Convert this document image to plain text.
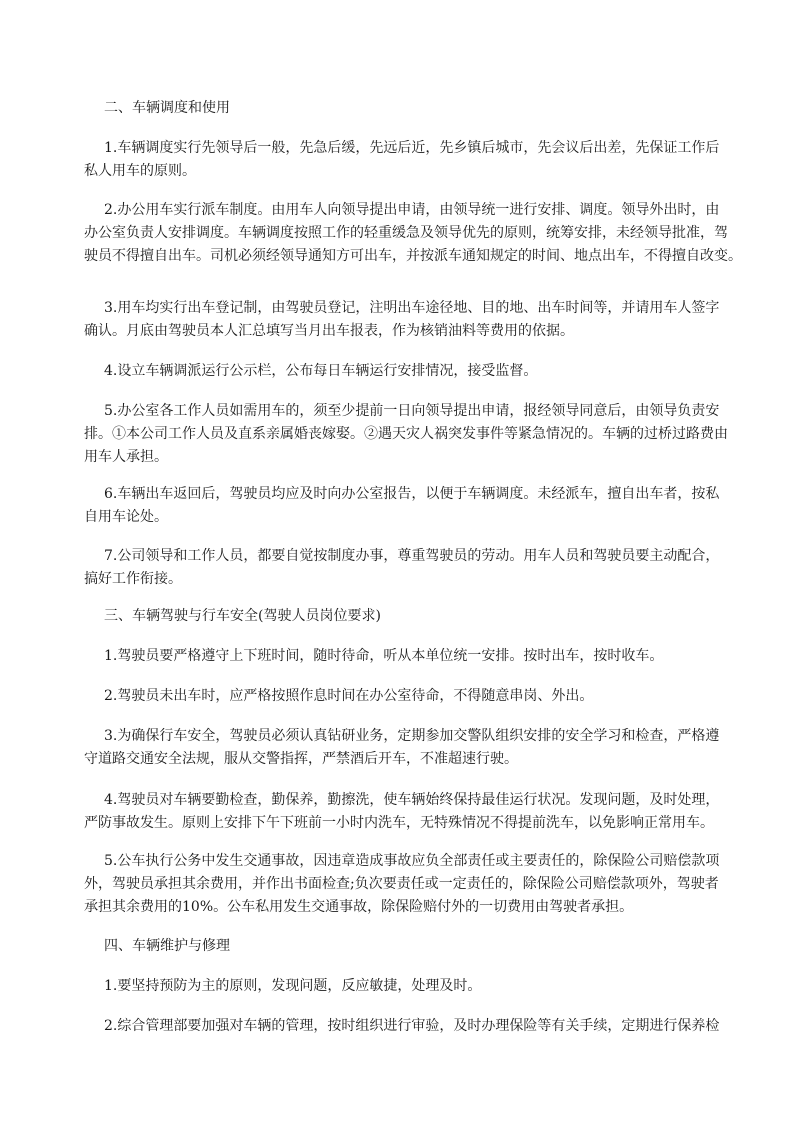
二、车辆调度和使用
1.车辆调度实行先领导后一般，先急后缓，先远后近，先乡镇后城市，先会议后出差，先保证工作后
私人用车的原则。
2.办公用车实行派车制度。由用车人向领导提出申请，由领导统一进行安排、调度。领导外出时，由
办公室负责人安排调度。车辆调度按照工作的轻重缓急及领导优先的原则，统筹安排，未经领导批准，驾
驶员不得擅自出车。司机必须经领导通知方可出车，并按派车通知规定的时间、地点出车，不得擅自改变。
3.用车均实行出车登记制，由驾驶员登记，注明出车途径地、目的地、出车时间等，并请用车人签字
确认。月底由驾驶员本人汇总填写当月出车报表，作为核销油料等费用的依据。
4.设立车辆调派运行公示栏，公布每日车辆运行安排情况，接受监督。
5.办公室各工作人员如需用车的，须至少提前一日向领导提出申请，报经领导同意后，由领导负责安
排。①本公司工作人员及直系亲属婚丧嫁娶。②遇天灾人祸突发事件等紧急情况的。车辆的过桥过路费由
用车人承担。
6.车辆出车返回后，驾驶员均应及时向办公室报告，以便于车辆调度。未经派车，擅自出车者，按私
自用车论处。
7.公司领导和工作人员，都要自觉按制度办事，尊重驾驶员的劳动。用车人员和驾驶员要主动配合，
搞好工作衔接。
三、车辆驾驶与行车安全(驾驶人员岗位要求)
1.驾驶员要严格遵守上下班时间，随时待命，听从本单位统一安排。按时出车，按时收车。
2.驾驶员未出车时，应严格按照作息时间在办公室待命，不得随意串岗、外出。
3.为确保行车安全，驾驶员必须认真钻研业务，定期参加交警队组织安排的安全学习和检查，严格遵
守道路交通安全法规，服从交警指挥，严禁酒后开车，不准超速行驶。
4.驾驶员对车辆要勤检查，勤保养，勤擦洗，使车辆始终保持最佳运行状况。发现问题，及时处理，
严防事故发生。原则上安排下午下班前一小时内洗车，无特殊情况不得提前洗车，以免影响正常用车。
5.公车执行公务中发生交通事故，因违章造成事故应负全部责任或主要责任的，除保险公司赔偿款项
外，驾驶员承担其余费用，并作出书面检查;负次要责任或一定责任的，除保险公司赔偿款项外，驾驶者
承担其余费用的10%。公车私用发生交通事故，除保险赔付外的一切费用由驾驶者承担。
四、车辆维护与修理
1.要坚持预防为主的原则，发现问题，反应敏捷，处理及时。
2.综合管理部要加强对车辆的管理，按时组织进行审验，及时办理保险等有关手续，定期进行保养检
